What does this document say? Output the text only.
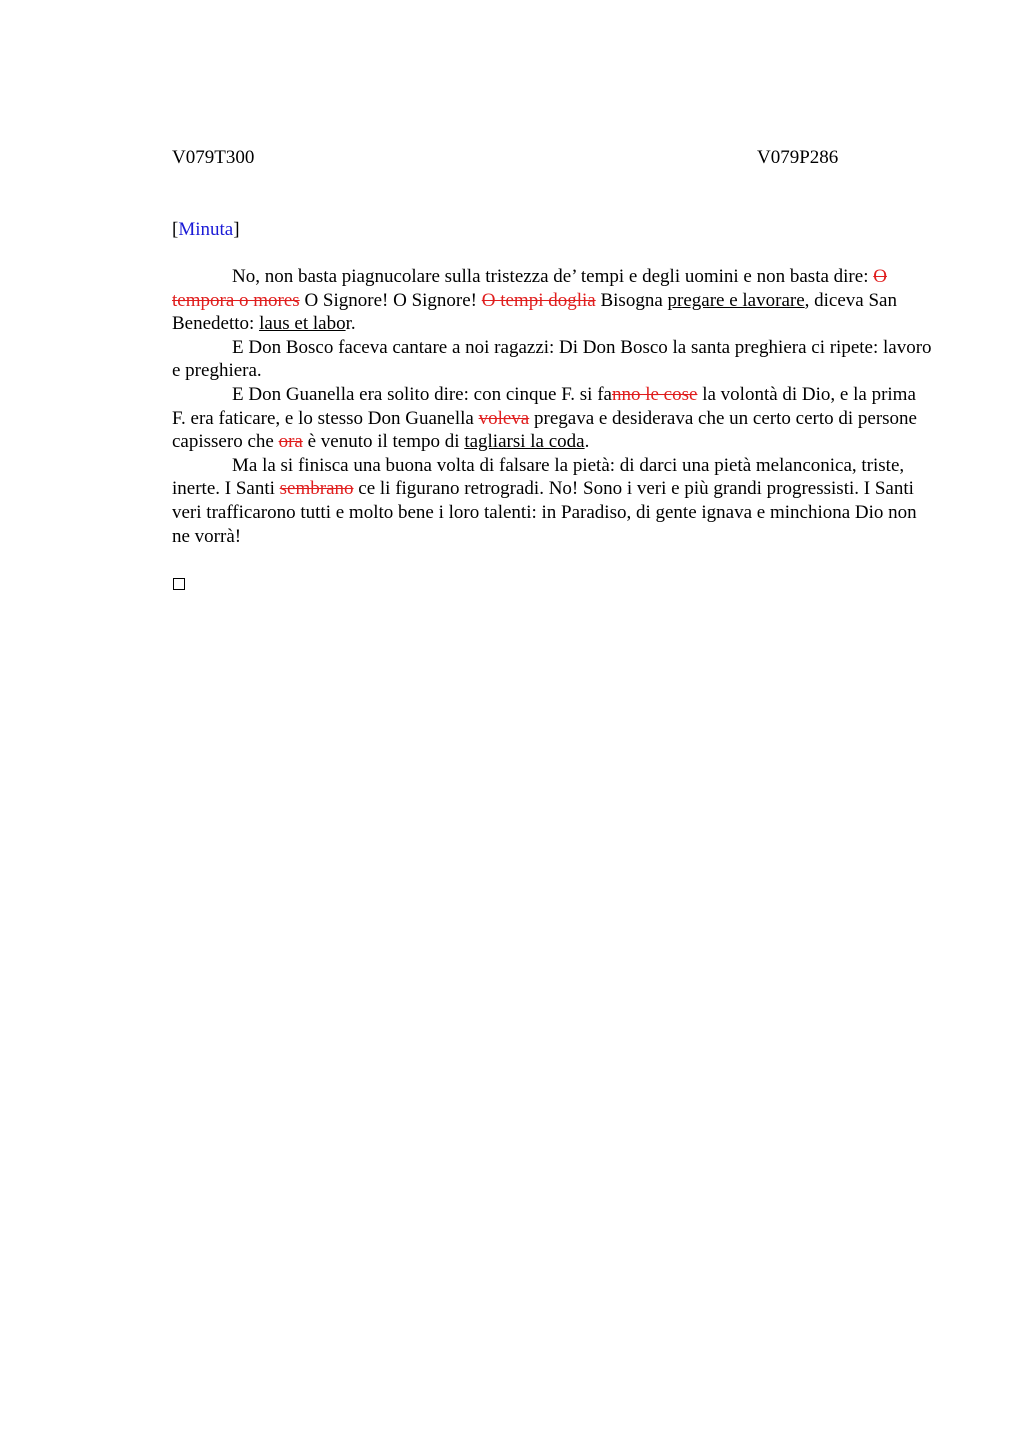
V079T300	V079P286
[Minuta]

No, non basta piagnucolare sulla tristezza de’ tempi e degli uomini e non basta dire: O tempora o mores O Signore! O Signore! O tempi doglia Bisogna pregare e lavorare, diceva San Benedetto: laus et labor.

E Don Bosco faceva cantare a noi ragazzi: Di Don Bosco la santa preghiera ci ripete: lavoro e preghiera.

E Don Guanella era solito dire: con cinque F. si fanno le cose la volontà di Dio, e la prima F. era faticare, e lo stesso Don Guanella voleva pregava e desiderava che un certo certo di persone capissero che ora è venuto il tempo di tagliarsi la coda.

Ma la si finisca una buona volta di falsare la pietà: di darci una pietà melanconica, triste, inerte. I Santi sembrano ce li figurano retrogradi. No! Sono i veri e più grandi progressisti. I Santi veri trafficarono tutti e molto bene i loro talenti: in Paradiso, di gente ignava e minchiona Dio non ne vorrà!
